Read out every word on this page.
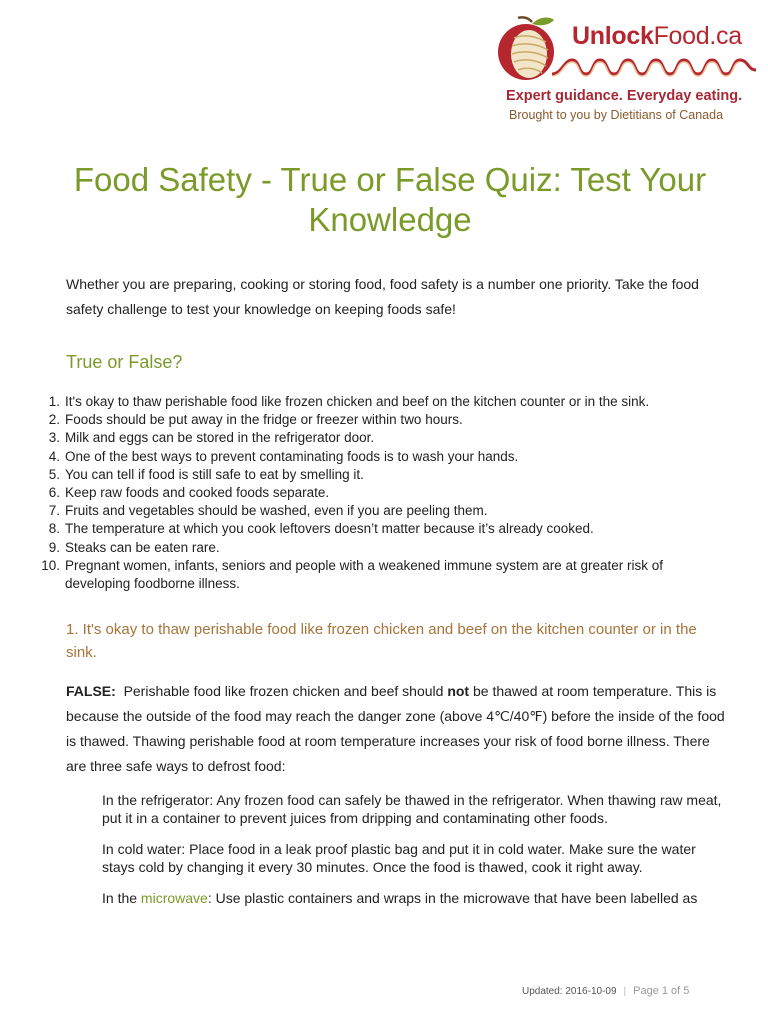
UnlockFood.ca
Expert guidance. Everyday eating.
Brought to you by Dietitians of Canada
Food Safety - True or False Quiz: Test Your Knowledge

Whether you are preparing, cooking or storing food, food safety is a number one priority. Take the food safety challenge to test your knowledge on keeping foods safe!

True or False?
1. It's okay to thaw perishable food like frozen chicken and beef on the kitchen counter or in the sink.
2. Foods should be put away in the fridge or freezer within two hours.
3. Milk and eggs can be stored in the refrigerator door.
4. One of the best ways to prevent contaminating foods is to wash your hands.
5. You can tell if food is still safe to eat by smelling it.
6. Keep raw foods and cooked foods separate.
7. Fruits and vegetables should be washed, even if you are peeling them.
8. The temperature at which you cook leftovers doesn’t matter because it’s already cooked.
9. Steaks can be eaten rare.
10. Pregnant women, infants, seniors and people with a weakened immune system are at greater risk of developing foodborne illness.
1. It's okay to thaw perishable food like frozen chicken and beef on the kitchen counter or in the sink.

FALSE: Perishable food like frozen chicken and beef should not be thawed at room temperature. This is because the outside of the food may reach the danger zone (above 4℃/40℉) before the inside of the food is thawed. Thawing perishable food at room temperature increases your risk of food borne illness. There are three safe ways to defrost food:

In the refrigerator: Any frozen food can safely be thawed in the refrigerator. When thawing raw meat, put it in a container to prevent juices from dripping and contaminating other foods.

In cold water: Place food in a leak proof plastic bag and put it in cold water. Make sure the water stays cold by changing it every 30 minutes. Once the food is thawed, cook it right away.

In the microwave: Use plastic containers and wraps in the microwave that have been labelled as

Updated: 2016-10-09 | Page 1 of 5
